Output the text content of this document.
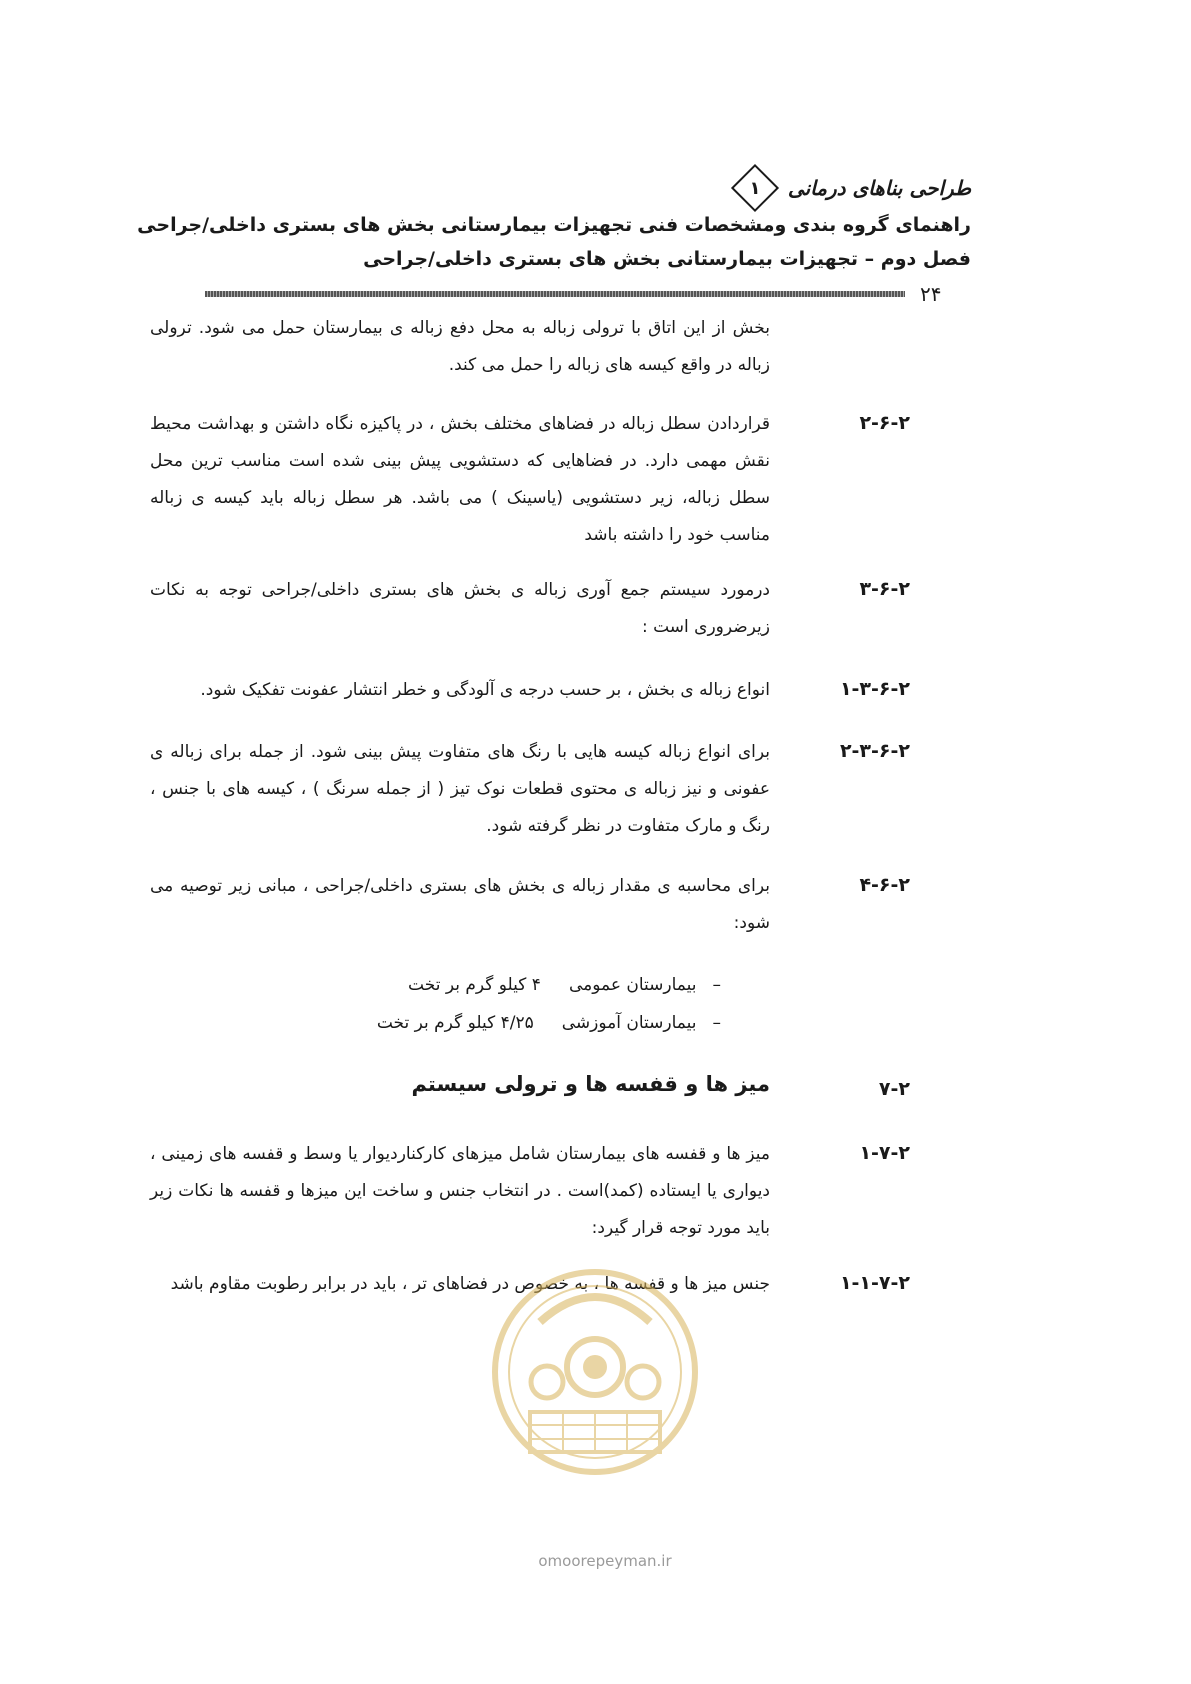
طراحی بناهای درمانی
۱
راهنمای گروه بندی ومشخصات فنی تجهیزات بیمارستانی بخش های بستری داخلی/جراحی
فصل دوم – تجهیزات بیمارستانی بخش های بستری داخلی/جراحی
۲۴
بخش از این اتاق با ترولی زباله به محل دفع زباله ی بیمارستان حمل می شود. ترولی زباله در واقع کیسه های زباله را حمل می کند.
۲-۶-۲
قراردادن سطل زباله در فضاهای مختلف بخش ، در پاکیزه نگاه داشتن و بهداشت محیط نقش مهمی دارد. در فضاهایی که دستشویی پیش بینی شده است مناسب ترین محل سطل زباله، زیر دستشویی (یاسینک ) می باشد. هر سطل زباله باید کیسه ی زباله مناسب خود را داشته باشد
۳-۶-۲
درمورد سیستم جمع آوری زباله ی بخش های بستری داخلی/جراحی توجه به نکات زیرضروری است :
۱-۳-۶-۲
انواع زباله ی بخش ، بر حسب درجه ی آلودگی و خطر انتشار عفونت تفکیک شود.
۲-۳-۶-۲
برای انواع زباله کیسه هایی با رنگ های متفاوت پیش بینی شود. از جمله برای زباله ی عفونی و نیز زباله ی محتوی قطعات نوک تیز ( از جمله سرنگ ) ، کیسه های با جنس ، رنگ و مارک متفاوت در نظر گرفته شود.
۴-۶-۲
برای محاسبه ی مقدار زباله ی بخش های بستری داخلی/جراحی ، مبانی زیر توصیه می شود:
–بیمارستان عمومی۴ کیلو گرم بر تخت
–بیمارستان آموزشی۴/۲۵ کیلو گرم بر تخت
۷-۲
میز ها و قفسه ها و ترولی سیستم
۱-۷-۲
میز ها و قفسه های بیمارستان شامل میزهای کارکناردیوار یا وسط و قفسه های زمینی ، دیواری یا ایستاده (کمد)است . در انتخاب جنس و ساخت این میزها و قفسه ها نکات زیر باید مورد توجه قرار گیرد:
۱-۱-۷-۲
جنس میز ها و قفسه ها ، به خصوص در فضاهای تر ، باید در برابر رطوبت مقاوم باشد
omoorepeyman.ir
